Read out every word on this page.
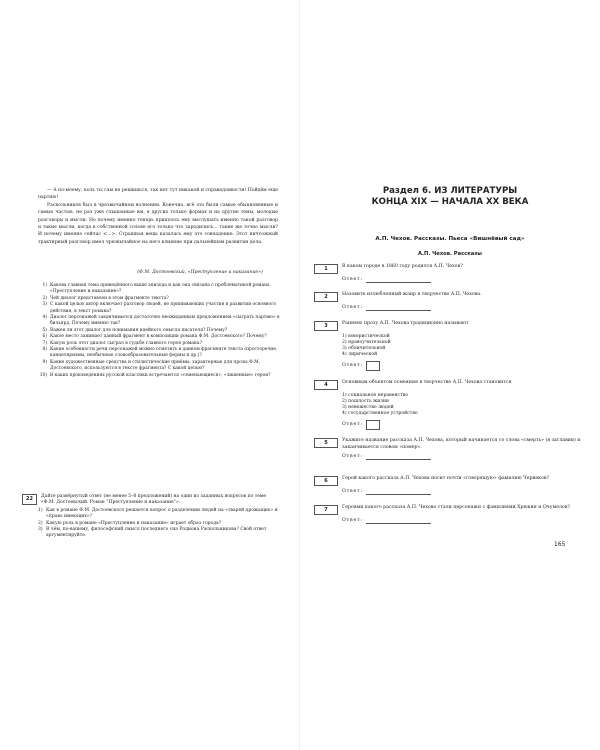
— А по-моему, коль ты сам не решишься, так нет тут никакой и справедливости! Пойдём еще партию!

Раскольников был в чрезвычайном волнении. Конечно, всё это были самые обыкновенные и самые частые, не раз уже слышанные им, в других только формах и на другие темы, молодые разговоры и мысли. Но почему именно теперь пришлось ему выслушать именно такой разговор и такие мысли, когда в собственной голове его только что зародились… такие же точно мысли? И почему именно сейчас <…>. Страшная вещь казалась ему это совпадение. Этот ничтожный трактирный разговор имел чрезвычайное на него влияние при дальнейшем развитии дела.

(Ф.М. Достоевский, «Преступление и наказание»)
1) Какова главная тема приведённого выше эпизода и как она связана с проблематикой романа «Преступление и наказание»?
2) Чей диалог представлен в этом фрагменте текста?
3) С какой целью автор включает разговор людей, не принимающих участия в развитии основного действия, в текст романа?
4) Диалог персонажей заканчивается достаточно неожиданным предложением «сыграть партию» в бильярд. Почему именно так?
5) Важен ли этот диалог для понимания идейного смысла писателя? Почему?
6) Какое место занимает данный фрагмент в композиции романа Ф.М. Достоевского? Почему?
7) Какую роль этот диалог сыграл в судьбе главного героя романа?
8) Какие особенности речи персонажей можно отметить в данном фрагменте текста (просторечие, канцеляризмы, необычные словообразовательные формы и др.)?
9) Какие художественные средства и стилистические приёмы, характерные для прозы Ф.М. Достоевского, используются в тексте фрагмента? С какой целью?
10) В каких произведениях русской классики встречаются «семенающиеся», «лишенные» герои?
22	Дайте развёрнутый ответ (не менее 5–8 предложений) на один из заданных вопросов по теме «Ф.М. Достоевский. Роман “Преступление и наказание”».
1) Как в романе Ф.М. Достоевского решается вопрос о разделении людей на «тварей дрожащих» и «право имеющих»?
2) Какую роль в романе «Преступление и наказание» играет образ города?
3) В чём, по-вашему, философский смысл последнего сна Родиона Раскольникова? Свой ответ аргументируйте.
Раздел 6. ИЗ ЛИТЕРАТУРЫ
КОНЦА XIX — НАЧАЛА XX ВЕКА
А.П. Чехов. Рассказы. Пьеса «Вишнёвый сад»
А.П. Чехов. Рассказы
1	В каком городе в 1860 году родился А.П. Чехов?
Ответ:
2	Назовите излюбленный жанр в творчестве А.П. Чехова.
Ответ:
3	Раннюю прозу А.П. Чехова традиционно называют
1) юмористической
2) нравоучительной
3) обличительной
4) лирической
Ответ:
4	Основным объектом осмеяния в творчестве А.П. Чехова становится
1) социальное неравенство
2) пошлость жизни
3) невежество людей
4) государственное устройство
Ответ:
5	Укажите название рассказа А.П. Чехова, который начинается со слова «смерть» (в заглавии) и заканчивается словом «помер».
Ответ:
6	Герой какого рассказа А.П. Чехова носит почти «говорящую» фамилию Червяков?
Ответ:
7	Героями какого рассказа А.П. Чехова стали персонажи с фамилиями Хрюкин и Очумелов?
Ответ:
165
